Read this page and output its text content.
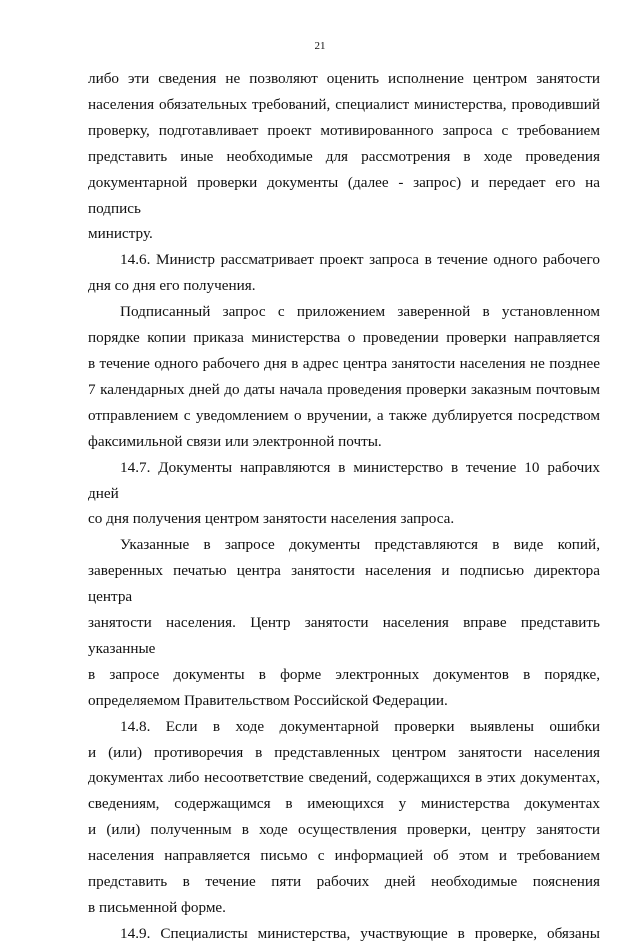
21

либо эти сведения не позволяют оценить исполнение центром занятости

населения обязательных требований, специалист министерства, проводивший

проверку, подготавливает проект мотивированного запроса с требованием

представить иные необходимые для рассмотрения в ходе проведения

документарной проверки документы (далее - запрос) и передает его на подпись

министру.

14.6. Министр рассматривает проект запроса в течение одного рабочего

дня со дня его получения.

Подписанный запрос с приложением заверенной в установленном

порядке копии приказа министерства о проведении проверки направляется

в течение одного рабочего дня в адрес центра занятости населения не позднее

7 календарных дней до даты начала проведения проверки заказным почтовым

отправлением с уведомлением о вручении, а также дублируется посредством

факсимильной связи или электронной почты.

14.7. Документы направляются в министерство в течение 10 рабочих дней

со дня получения центром занятости населения запроса.

Указанные в запросе документы представляются в виде копий,

заверенных печатью центра занятости населения и подписью директора центра

занятости населения. Центр занятости населения вправе представить указанные

в запросе документы в форме электронных документов в порядке,

определяемом Правительством Российской Федерации.

14.8. Если в ходе документарной проверки выявлены ошибки

и (или) противоречия в представленных центром занятости населения

документах либо несоответствие сведений, содержащихся в этих документах,

сведениям, содержащимся в имеющихся у министерства документах

и (или) полученным в ходе осуществления проверки, центру занятости

населения направляется письмо с информацией об этом и требованием

представить в течение пяти рабочих дней необходимые пояснения

в письменной форме.

14.9. Специалисты министерства, участвующие в проверке, обязаны
